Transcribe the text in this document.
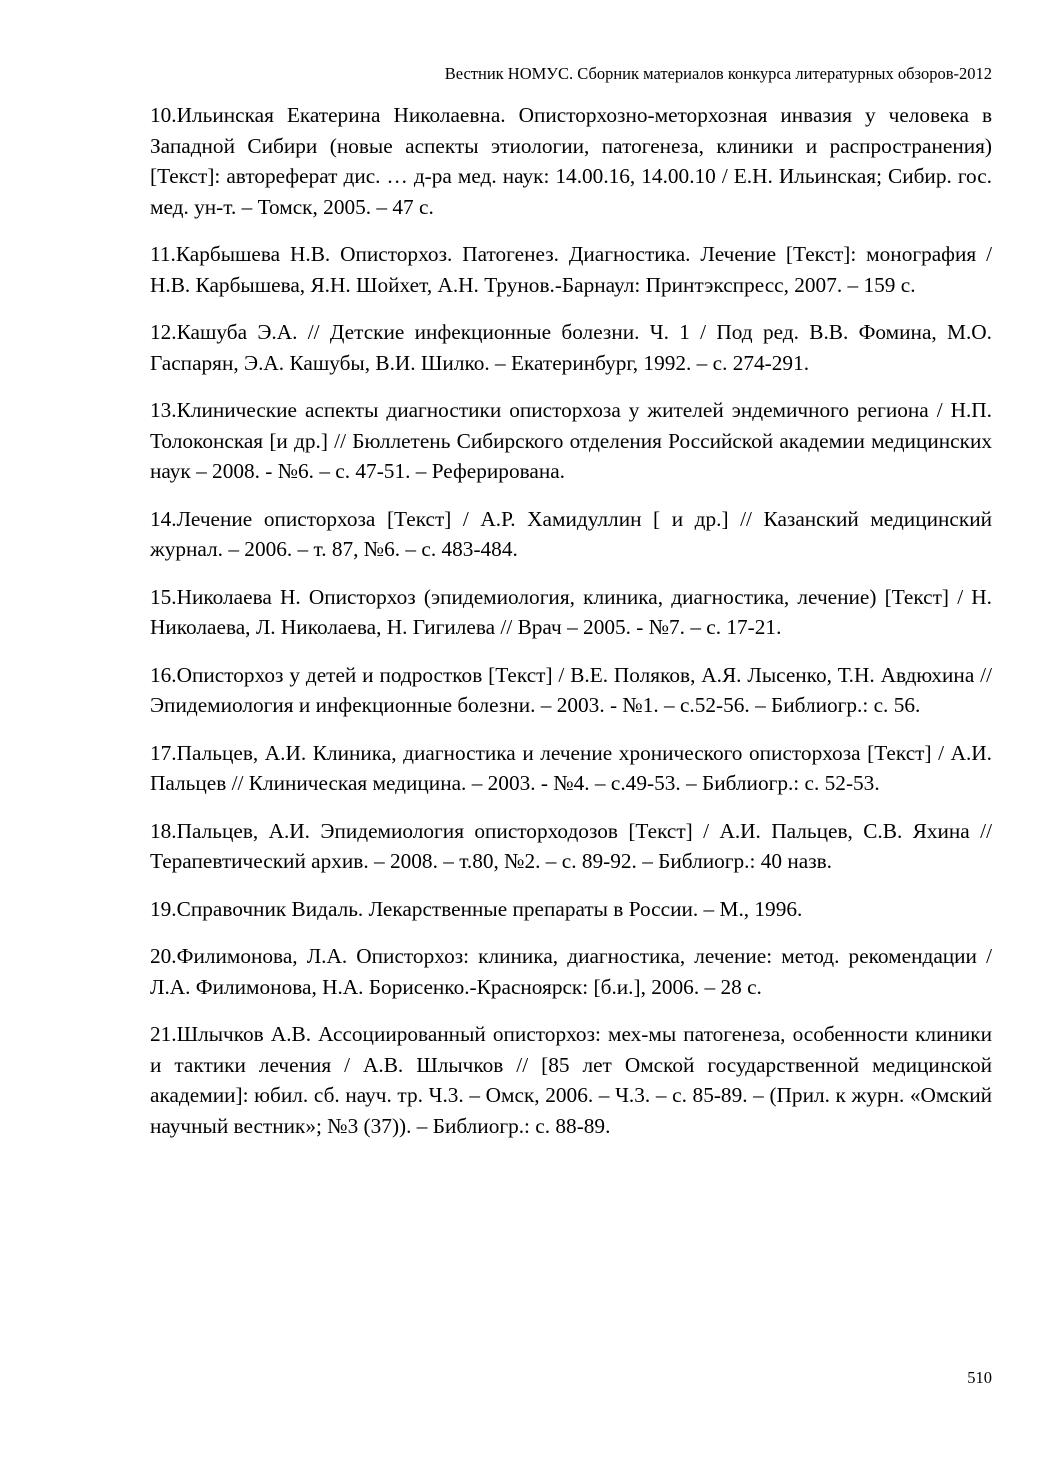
Вестник НОМУС. Сборник материалов конкурса литературных обзоров-2012

10.Ильинская Екатерина Николаевна. Описторхозно-меторхозная инвазия у человека в Западной Сибири (новые аспекты этиологии, патогенеза, клиники и распространения) [Текст]: автореферат дис. … д-ра мед. наук: 14.00.16, 14.00.10 / Е.Н. Ильинская; Сибир. гос. мед. ун-т. – Томск, 2005. – 47 с.

11.Карбышева Н.В. Описторхоз. Патогенез. Диагностика. Лечение [Текст]: монография / Н.В. Карбышева, Я.Н. Шойхет, А.Н. Трунов.-Барнаул: Принтэкспресс, 2007. – 159 с.

12.Кашуба Э.А. // Детские инфекционные болезни. Ч. 1 / Под ред. В.В. Фомина, М.О. Гаспарян, Э.А. Кашубы, В.И. Шилко. – Екатеринбург, 1992. – с. 274-291.

13.Клинические аспекты диагностики описторхоза у жителей эндемичного региона / Н.П. Толоконская [и др.] // Бюллетень Сибирского отделения Российской академии медицинских наук – 2008. - №6. – с. 47-51. – Реферирована.

14.Лечение описторхоза [Текст] / А.Р. Хамидуллин [ и др.] // Казанский медицинский журнал. – 2006. – т. 87, №6. – с. 483-484.

15.Николаева Н. Описторхоз (эпидемиология, клиника, диагностика, лечение) [Текст] / Н. Николаева, Л. Николаева, Н. Гигилева // Врач – 2005. - №7. – с. 17-21.

16.Описторхоз у детей и подростков [Текст] / В.Е. Поляков, А.Я. Лысенко, Т.Н. Авдюхина // Эпидемиология и инфекционные болезни. – 2003. - №1. – с.52-56. – Библиогр.: с. 56.

17.Пальцев, А.И. Клиника, диагностика и лечение хронического описторхоза [Текст] / А.И. Пальцев // Клиническая медицина. – 2003. - №4. – с.49-53. – Библиогр.: с. 52-53.

18.Пальцев, А.И. Эпидемиология описторходозов [Текст] / А.И. Пальцев, С.В. Яхина // Терапевтический архив. – 2008. – т.80, №2. – с. 89-92. – Библиогр.: 40 назв.

19.Справочник Видаль. Лекарственные препараты в России. – М., 1996.

20.Филимонова, Л.А. Описторхоз: клиника, диагностика, лечение: метод. рекомендации / Л.А. Филимонова, Н.А. Борисенко.-Красноярск: [б.и.], 2006. – 28 с.

21.Шлычков А.В. Ассоциированный описторхоз: мех-мы патогенеза, особенности клиники и тактики лечения / А.В. Шлычков // [85 лет Омской государственной медицинской академии]: юбил. сб. науч. тр. Ч.3. – Омск, 2006. – Ч.3. – с. 85-89. – (Прил. к журн. «Омский научный вестник»; №3 (37)). – Библиогр.: с. 88-89.

510
